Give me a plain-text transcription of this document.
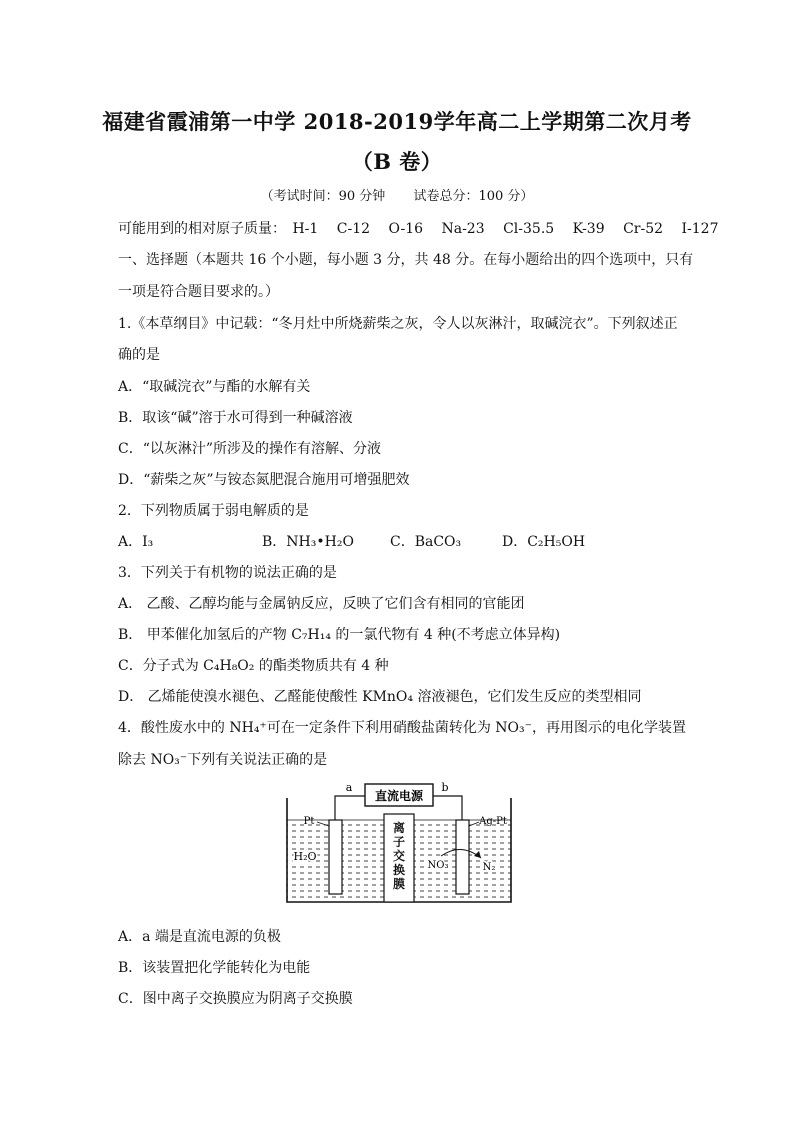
福建省霞浦第一中学 2018-2019学年高二上学期第二次月考
（B 卷）
（考试时间：90 分钟 试卷总分：100 分）
可能用到的相对原子质量： H-1 C-12 O-16 Na-23 Cl-35.5 K-39 Cr-52 I-127
一、选择题（本题共 16 个小题，每小题 3 分，共 48 分。在每小题给出的四个选项中，只有
一项是符合题目要求的。）
1.《本草纲目》中记载：“冬月灶中所烧薪柴之灰，令人以灰淋汁，取碱浣衣”。下列叙述正
确的是
A．“取碱浣衣”与酯的水解有关
B．取该“碱”溶于水可得到一种碱溶液
C．“以灰淋汁”所涉及的操作有溶解、分液
D．“薪柴之灰”与铵态氮肥混合施用可增强肥效
2．下列物质属于弱电解质的是
A．I₃	B．NH₃•H₂O	C．BaCO₃	D．C₂H₅OH
3．下列关于有机物的说法正确的是
A． 乙酸、乙醇均能与金属钠反应，反映了它们含有相同的官能团
B． 甲苯催化加氢后的产物 C₇H₁₄ 的一氯代物有 4 种(不考虑立体异构)
C．分子式为 C₄H₈O₂ 的酯类物质共有 4 种
D． 乙烯能使溴水褪色、乙醛能使酸性 KMnO₄ 溶液褪色，它们发生反应的类型相同
4．酸性废水中的 NH₄⁺可在一定条件下利用硝酸盐菌转化为 NO₃⁻，再用图示的电化学装置
除去 NO₃⁻下列有关说法正确的是
离
子
交
换
膜
直流电源
a	b
Pt	Ag-Pt
H₂O
NO₃	N₂
A．a 端是直流电源的负极
B．该装置把化学能转化为电能
C．图中离子交换膜应为阴离子交换膜
